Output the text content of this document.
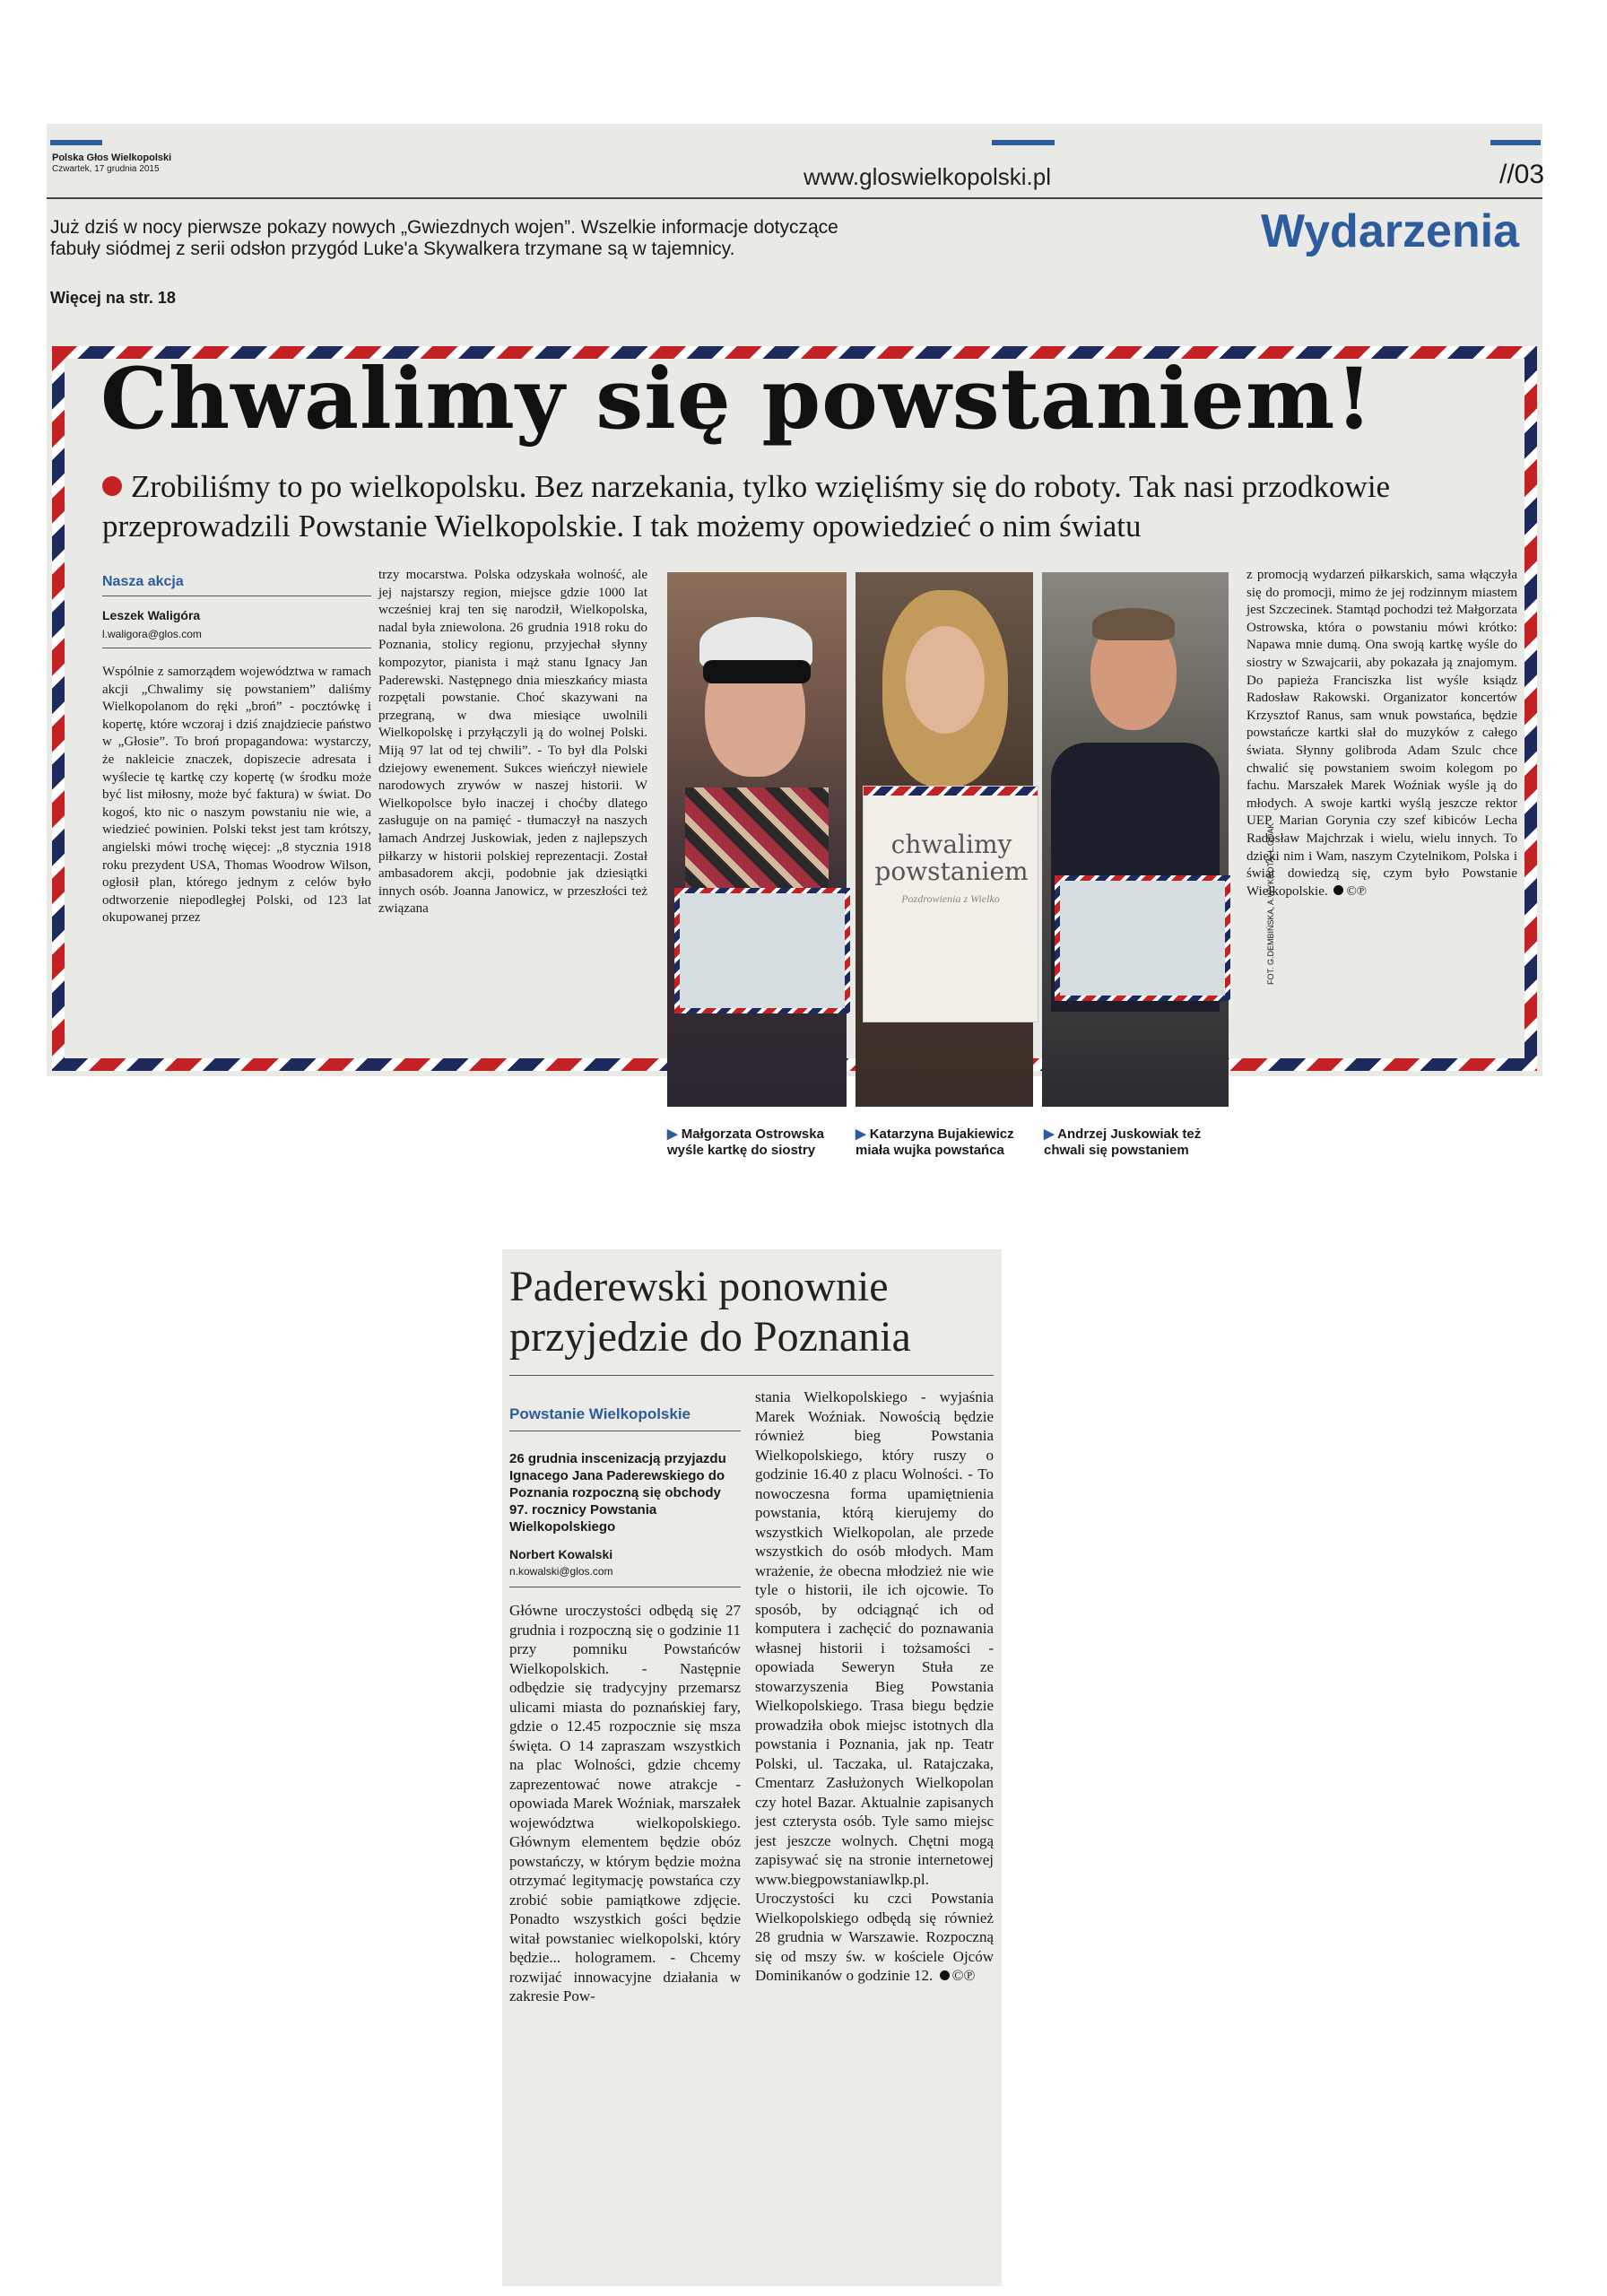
Polska Głos Wielkopolski
Czwartek, 17 grudnia 2015	www.gloswielkopolski.pl	//03
Już dziś w nocy pierwsze pokazy nowych „Gwiezdnych wojen”. Wszelkie informacje dotyczące fabuły siódmej z serii odsłon przygód Luke'a Skywalkera trzymane są w tajemnicy.
Więcej na str. 18
Wydarzenia
Chwalimy się powstaniem!
Zrobiliśmy to po wielkopolsku. Bez narzekania, tylko wzięliśmy się do roboty. Tak nasi przodkowie przeprowadzili Powstanie Wielkopolskie. I tak możemy opowiedzieć o nim światu
Nasza akcja
Leszek Waligóra
l.waligora@glos.com
Wspólnie z samorządem województwa w ramach akcji „Chwalimy się powstaniem” daliśmy Wielkopolanom do ręki „broń” - pocztówkę i kopertę, które wczoraj i dziś znajdziecie państwo w „Głosie”. To broń propagandowa: wystarczy, że nakleicie znaczek, dopiszecie adresata i wyślecie tę kartkę czy kopertę (w środku może być list miłosny, może być faktura) w świat. Do kogoś, kto nic o naszym powstaniu nie wie, a wiedzieć powinien. Polski tekst jest tam krótszy, angielski mówi trochę więcej: „8 stycznia 1918 roku prezydent USA, Thomas Woodrow Wilson, ogłosił plan, którego jednym z celów było odtworzenie niepodległej Polski, od 123 lat okupowanej przez
trzy mocarstwa. Polska odzyskała wolność, ale jej najstarszy region, miejsce gdzie 1000 lat wcześniej kraj ten się narodził, Wielkopolska, nadal była zniewolona. 26 grudnia 1918 roku do Poznania, stolicy regionu, przyjechał słynny kompozytor, pianista i mąż stanu Ignacy Jan Paderewski. Następnego dnia mieszkańcy miasta rozpętali powstanie. Choć skazywani na przegraną, w dwa miesiące uwolnili Wielkopolskę i przyłączyli ją do wolnej Polski. Miją 97 lat od tej chwili”. - To był dla Polski dziejowy ewenement. Sukces wieńczył niewiele narodowych zrywów w naszej historii. W Wielkopolsce było inaczej i choćby dlatego zasługuje on na pamięć - tłumaczył na naszych łamach Andrzej Juskowiak, jeden z najlepszych piłkarzy w historii polskiej reprezentacji. Został ambasadorem akcji, podobnie jak dziesiątki innych osób. Joanna Janowicz, w przeszłości też związana
chwalimy powstaniem
Pozdrowienia z Wielko
▶ Małgorzata Ostrowska wyśle kartkę do siostry
▶ Katarzyna Bujakiewicz miała wujka powstańca
▶ Andrzej Juskowiak też chwali się powstaniem
FOT. G.DEMBIŃSKA, A.WYKROTA, Ł.GDAK
z promocją wydarzeń piłkarskich, sama włączyła się do promocji, mimo że jej rodzinnym miastem jest Szczecinek. Stamtąd pochodzi też Małgorzata Ostrowska, która o powstaniu mówi krótko: Napawa mnie dumą. Ona swoją kartkę wyśle do siostry w Szwajcarii, aby pokazała ją znajomym. Do papieża Franciszka list wyśle ksiądz Radosław Rakowski. Organizator koncertów Krzysztof Ranus, sam wnuk powstańca, będzie powstańcze kartki słał do muzyków z całego świata. Słynny golibroda Adam Szulc chce chwalić się powstaniem swoim kolegom po fachu. Marszałek Marek Woźniak wyśle ją do młodych. A swoje kartki wyślą jeszcze rektor UEP Marian Gorynia czy szef kibiców Lecha Radosław Majchrzak i wielu, wielu innych. To dzięki nim i Wam, naszym Czytelnikom, Polska i świat dowiedzą się, czym było Powstanie Wielkopolskie. ©℗
Paderewski ponownie przyjedzie do Poznania
Powstanie Wielkopolskie
26 grudnia inscenizacją przyjazdu Ignacego Jana Paderewskiego do Poznania rozpoczną się obchody 97. rocznicy Powstania Wielkopolskiego
Norbert Kowalski
n.kowalski@glos.com
Główne uroczystości odbędą się 27 grudnia i rozpoczną się o godzinie 11 przy pomniku Powstańców Wielkopolskich. - Następnie odbędzie się tradycyjny przemarsz ulicami miasta do poznańskiej fary, gdzie o 12.45 rozpocznie się msza święta. O 14 zapraszam wszystkich na plac Wolności, gdzie chcemy zaprezentować nowe atrakcje - opowiada Marek Woźniak, marszałek województwa wielkopolskiego. Głównym elementem będzie obóz powstańczy, w którym będzie można otrzymać legitymację powstańca czy zrobić sobie pamiątkowe zdjęcie. Ponadto wszystkich gości będzie witał powstaniec wielkopolski, który będzie... hologramem. - Chcemy rozwijać innowacyjne działania w zakresie Pow-
stania Wielkopolskiego - wyjaśnia Marek Woźniak. Nowością będzie również bieg Powstania Wielkopolskiego, który ruszy o godzinie 16.40 z placu Wolności. - To nowoczesna forma upamiętnienia powstania, którą kierujemy do wszystkich Wielkopolan, ale przede wszystkich do osób młodych. Mam wrażenie, że obecna młodzież nie wie tyle o historii, ile ich ojcowie. To sposób, by odciągnąć ich od komputera i zachęcić do poznawania własnej historii i tożsamości - opowiada Seweryn Stuła ze stowarzyszenia Bieg Powstania Wielkopolskiego. Trasa biegu będzie prowadziła obok miejsc istotnych dla powstania i Poznania, jak np. Teatr Polski, ul. Taczaka, ul. Ratajczaka, Cmentarz Zasłużonych Wielkopolan czy hotel Bazar. Aktualnie zapisanych jest czterysta osób. Tyle samo miejsc jest jeszcze wolnych. Chętni mogą zapisywać się na stronie internetowej www.biegpowstaniawlkp.pl. Uroczystości ku czci Powstania Wielkopolskiego odbędą się również 28 grudnia w Warszawie. Rozpoczną się od mszy św. w kościele Ojców Dominikanów o godzinie 12. ©℗
